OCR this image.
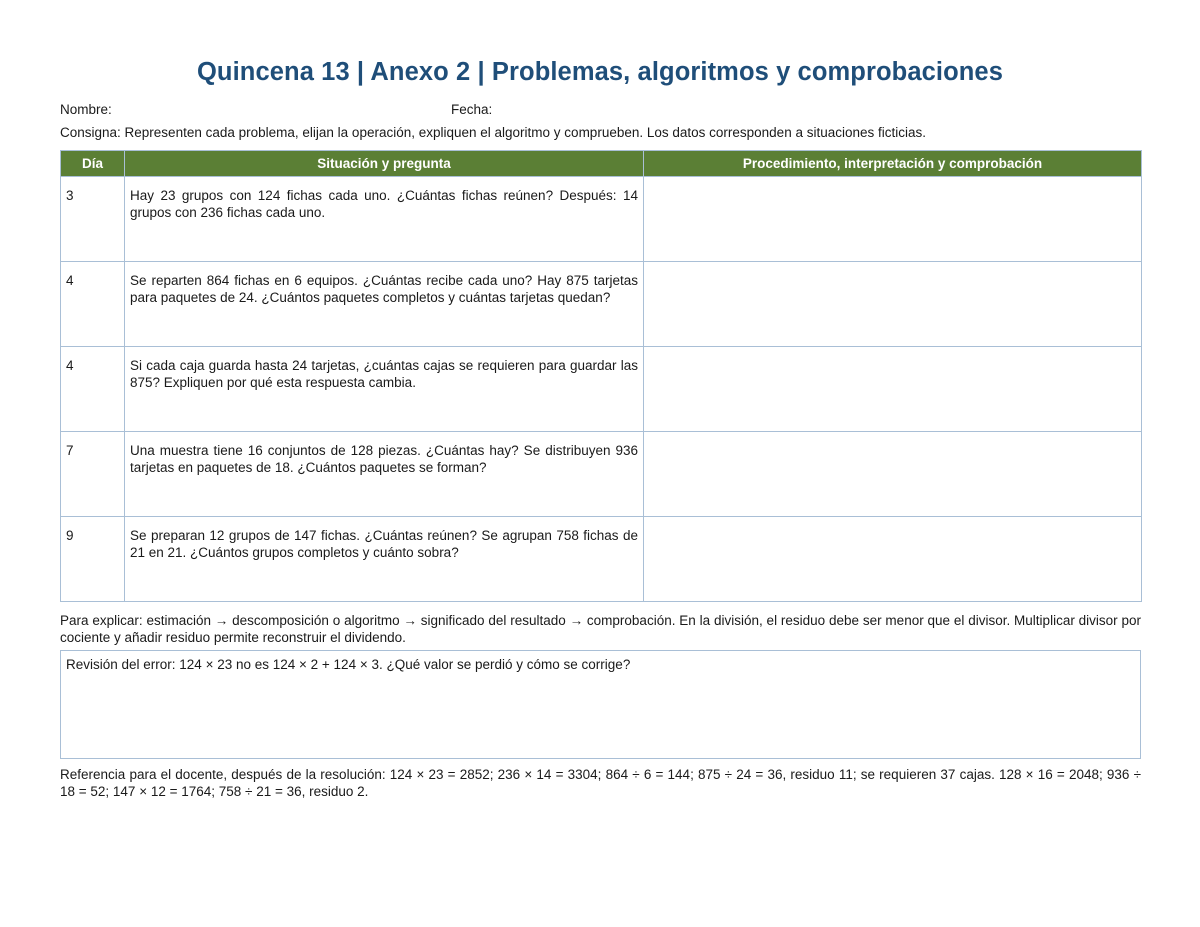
Quincena 13 | Anexo 2 | Problemas, algoritmos y comprobaciones
Nombre:	Fecha:
Consigna: Representen cada problema, elijan la operación, expliquen el algoritmo y comprueben. Los datos corresponden a situaciones ficticias.
Día	Situación y pregunta	Procedimiento, interpretación y comprobación
3	Hay 23 grupos con 124 fichas cada uno. ¿Cuántas fichas reúnen? Después: 14 grupos con 236 fichas cada uno.	
4	Se reparten 864 fichas en 6 equipos. ¿Cuántas recibe cada uno? Hay 875 tarjetas para paquetes de 24. ¿Cuántos paquetes completos y cuántas tarjetas quedan?	
4	Si cada caja guarda hasta 24 tarjetas, ¿cuántas cajas se requieren para guardar las 875? Expliquen por qué esta respuesta cambia.	
7	Una muestra tiene 16 conjuntos de 128 piezas. ¿Cuántas hay? Se distribuyen 936 tarjetas en paquetes de 18. ¿Cuántos paquetes se forman?	
9	Se preparan 12 grupos de 147 fichas. ¿Cuántas reúnen? Se agrupan 758 fichas de 21 en 21. ¿Cuántos grupos completos y cuánto sobra?	
Para explicar: estimación → descomposición o algoritmo → significado del resultado → comprobación. En la división, el residuo debe ser menor que el divisor. Multiplicar divisor por cociente y añadir residuo permite reconstruir el dividendo.
Revisión del error: 124 × 23 no es 124 × 2 + 124 × 3. ¿Qué valor se perdió y cómo se corrige?
Referencia para el docente, después de la resolución: 124 × 23 = 2852; 236 × 14 = 3304; 864 ÷ 6 = 144; 875 ÷ 24 = 36, residuo 11; se requieren 37 cajas. 128 × 16 = 2048; 936 ÷ 18 = 52; 147 × 12 = 1764; 758 ÷ 21 = 36, residuo 2.
